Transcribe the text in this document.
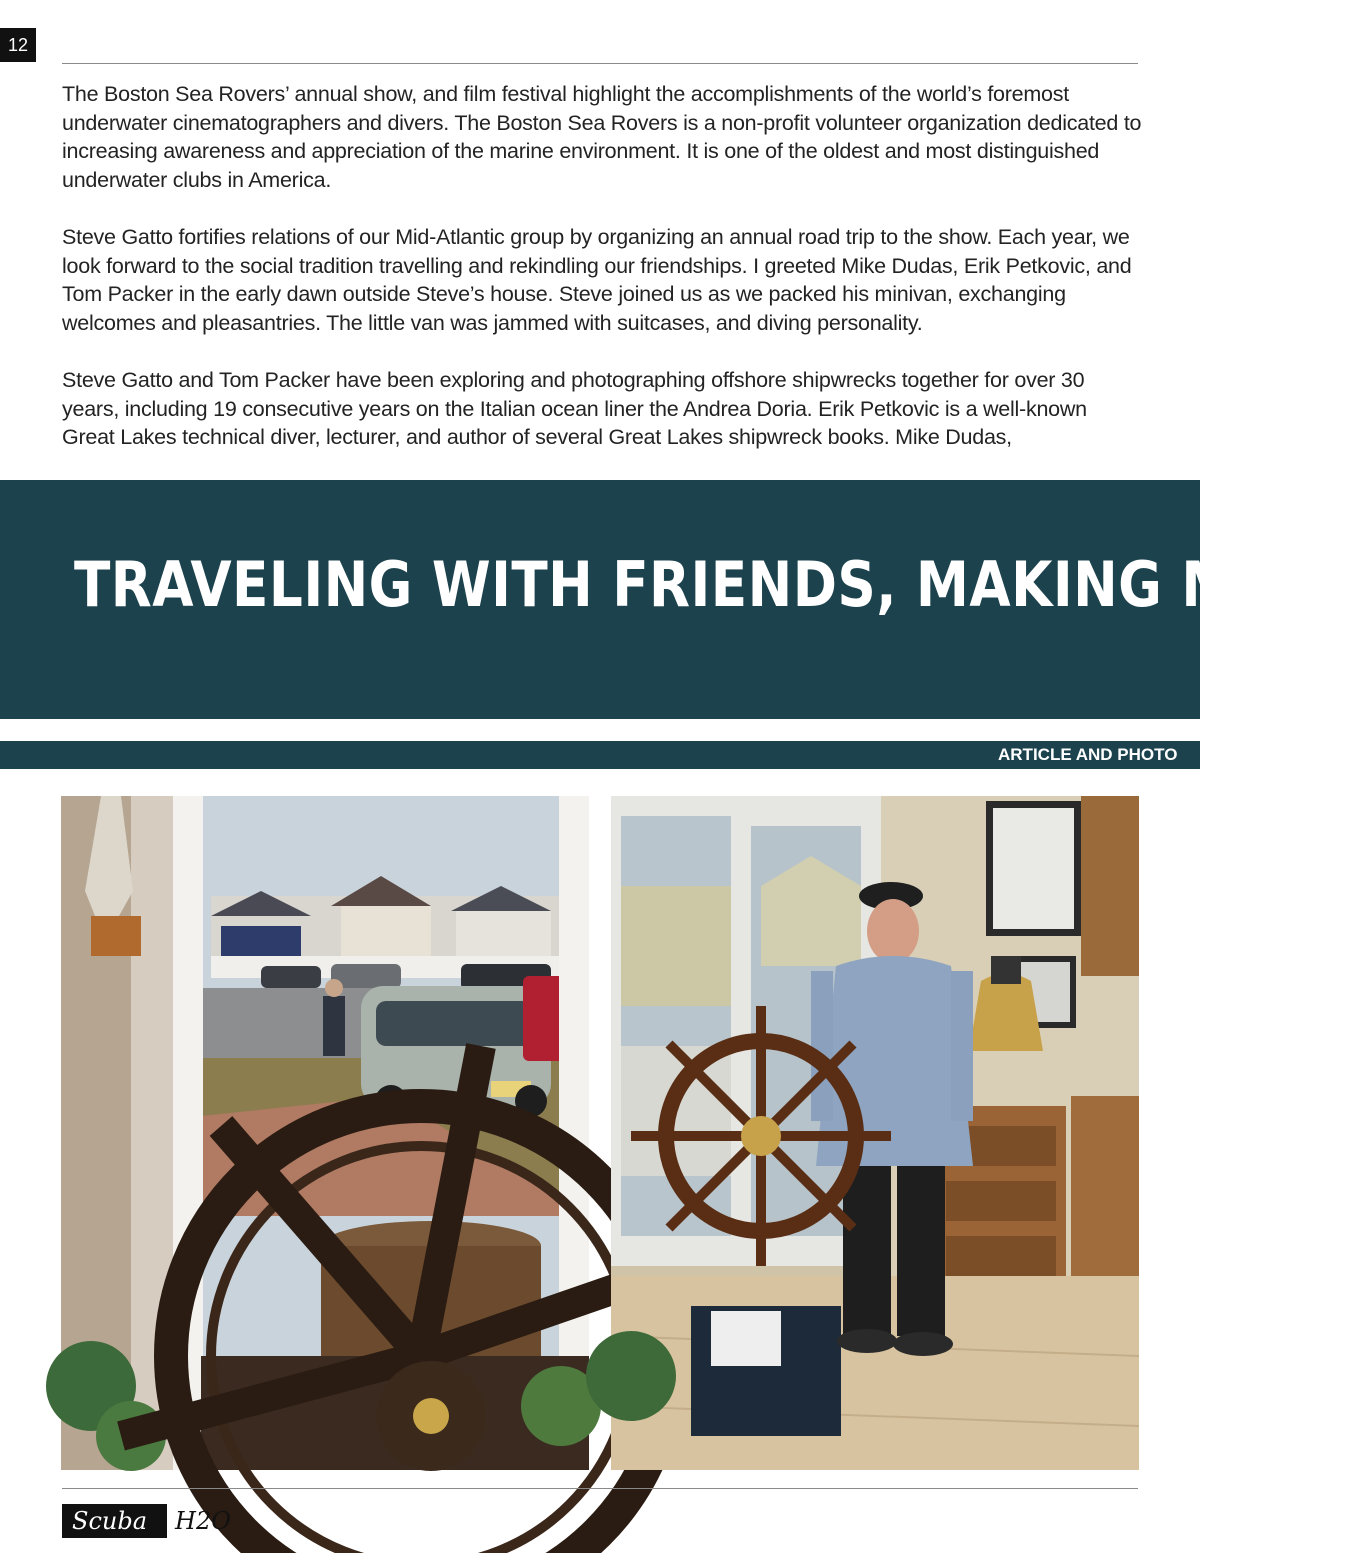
12

The Boston Sea Rovers’ annual show, and film festival highlight the accomplishments of the world’s foremost underwater cinematographers and divers. The Boston Sea Rovers is a non-profit volunteer organization dedicated to increasing awareness and appreciation of the marine environment. It is one of the oldest and most distinguished underwater clubs in America.

Steve Gatto fortifies relations of our Mid-Atlantic group by organizing an annual road trip to the show. Each year, we look forward to the social tradition travelling and rekindling our friendships. I greeted Mike Dudas, Erik Petkovic, and Tom Packer in the early dawn outside Steve’s house. Steve joined us as we packed his minivan, exchanging welcomes and pleasantries. The little van was jammed with suitcases, and diving personality.

Steve Gatto and Tom Packer have been exploring and photographing offshore shipwrecks together for over 30 years, including 19 consecutive years on the Italian ocean liner the Andrea Doria. Erik Petkovic is a well-known Great Lakes technical diver, lecturer, and author of several Great Lakes shipwreck books. Mike Dudas,

TRAVELING WITH FRIENDS, MAKING MEMO
ARTICLE AND PHOTO
Scuba	H2O
